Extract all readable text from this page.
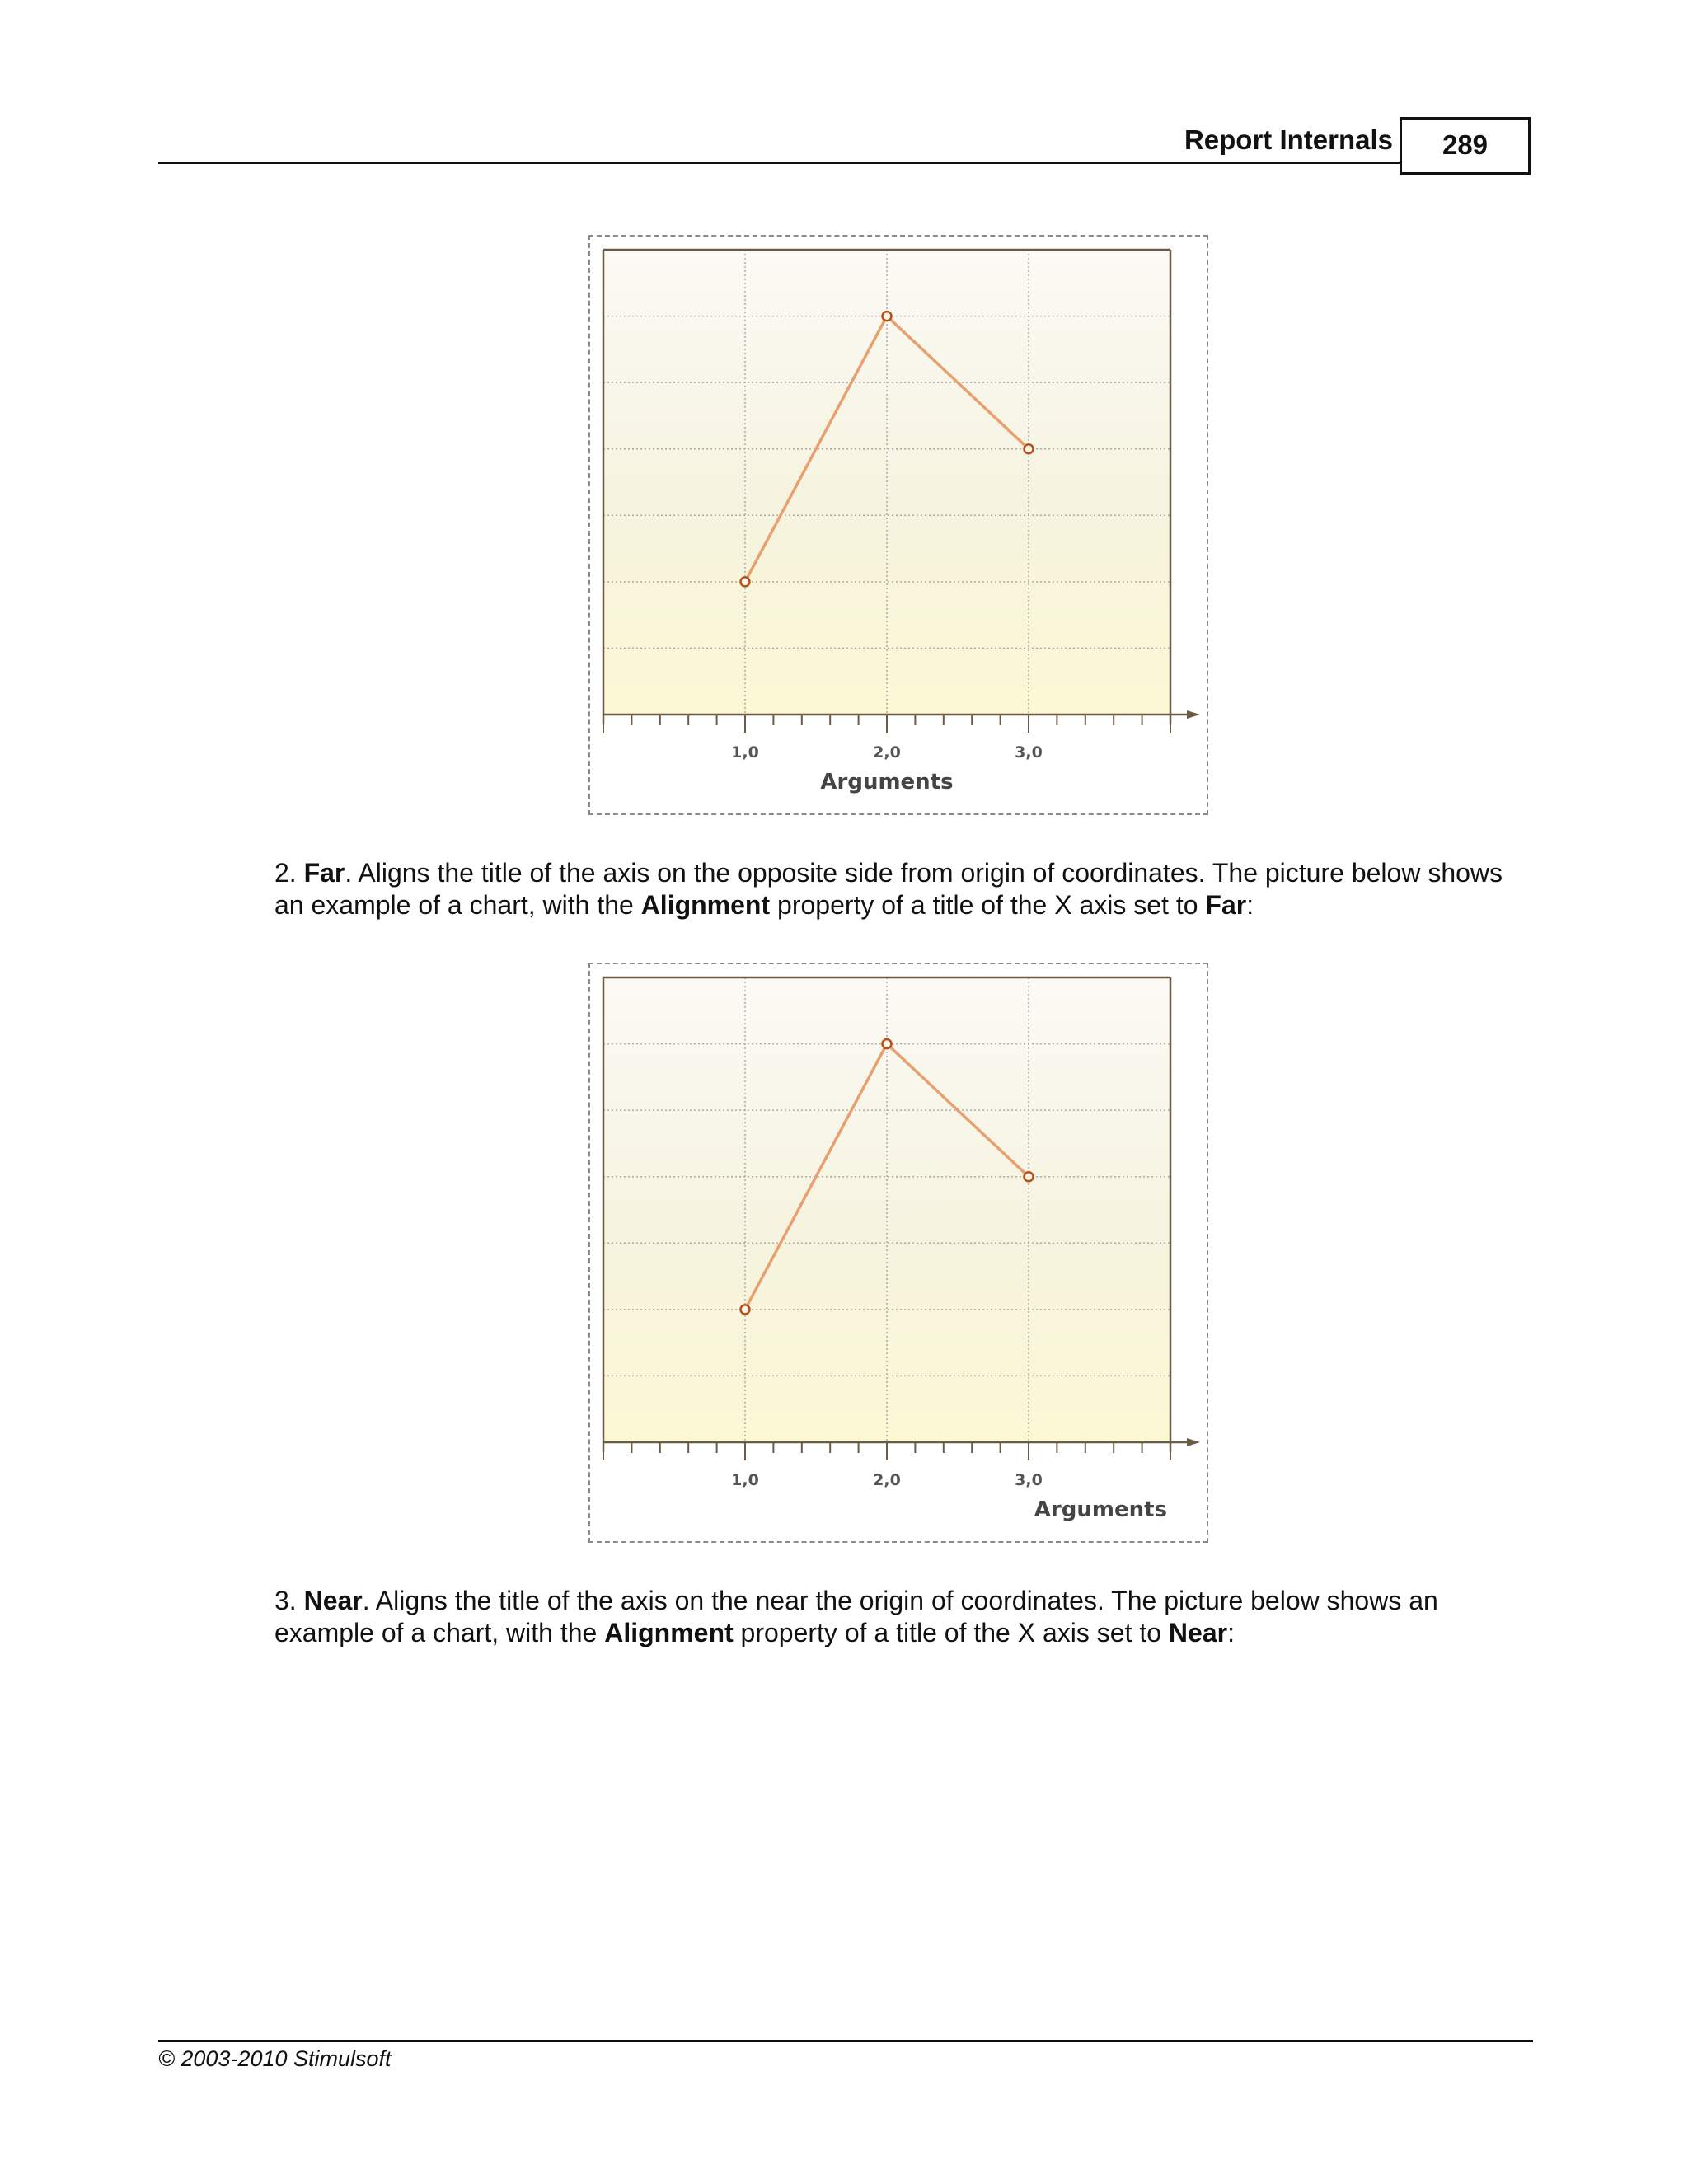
Report Internals	289
1,0	2,0	3,0
Arguments

2. Far. Aligns the title of the axis on the opposite side from origin of coordinates. The picture below shows an example of a chart, with the Alignment property of a title of the X axis set to Far:

1,0	2,0	3,0
Arguments

3. Near. Aligns the title of the axis on the near the origin of coordinates. The picture below shows an example of a chart, with the Alignment property of a title of the X axis set to Near:

© 2003-2010 Stimulsoft
